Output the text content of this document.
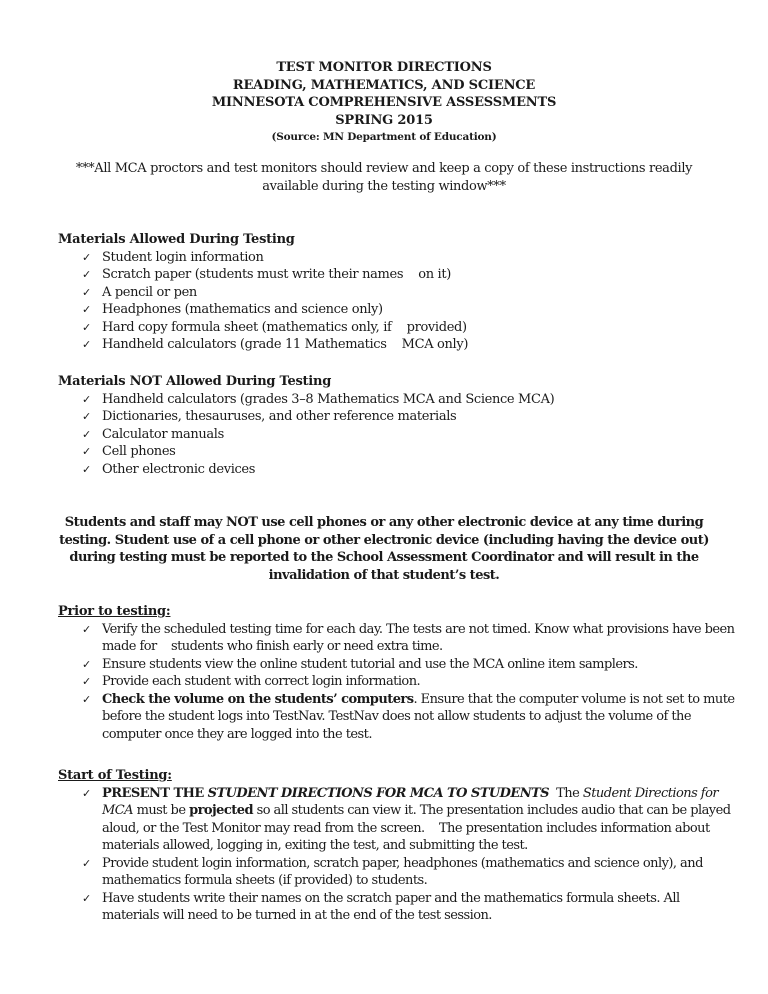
TEST MONITOR DIRECTIONS
READING, MATHEMATICS, AND SCIENCE
MINNESOTA COMPREHENSIVE ASSESSMENTS
SPRING 2015
(Source: MN Department of Education)
***All MCA proctors and test monitors should review and keep a copy of these instructions readily available during the testing window***
Materials Allowed During Testing
✓ Student login information
✓ Scratch paper (students must write their names    on it)
✓ A pencil or pen
✓ Headphones (mathematics and science only)
✓ Hard copy formula sheet (mathematics only, if    provided)
✓ Handheld calculators (grade 11 Mathematics    MCA only)
Materials NOT Allowed During Testing
✓ Handheld calculators (grades 3–8 Mathematics MCA and Science MCA)
✓ Dictionaries, thesauruses, and other reference materials
✓ Calculator manuals
✓ Cell phones
✓ Other electronic devices
Students and staff may NOT use cell phones or any other electronic device at any time during testing. Student use of a cell phone or other electronic device (including having the device out) during testing must be reported to the School Assessment Coordinator and will result in the invalidation of that student’s test.
Prior to testing:
✓ Verify the scheduled testing time for each day. The tests are not timed. Know what provisions have been made for    students who finish early or need extra time.
✓ Ensure students view the online student tutorial and use the MCA online item samplers.
✓ Provide each student with correct login information.
✓ Check the volume on the students’ computers. Ensure that the computer volume is not set to mute before the student logs into TestNav. TestNav does not allow students to adjust the volume of the computer once they are logged into the test.
Start of Testing:
✓ PRESENT THE STUDENT DIRECTIONS FOR MCA TO STUDENTS  The Student Directions for MCA must be projected so all students can view it. The presentation includes audio that can be played aloud, or the Test Monitor may read from the screen.    The presentation includes information about materials allowed, logging in, exiting the test, and submitting the test.
✓ Provide student login information, scratch paper, headphones (mathematics and science only), and mathematics formula sheets (if provided) to students.
✓ Have students write their names on the scratch paper and the mathematics formula sheets. All materials will need to be turned in at the end of the test session.
